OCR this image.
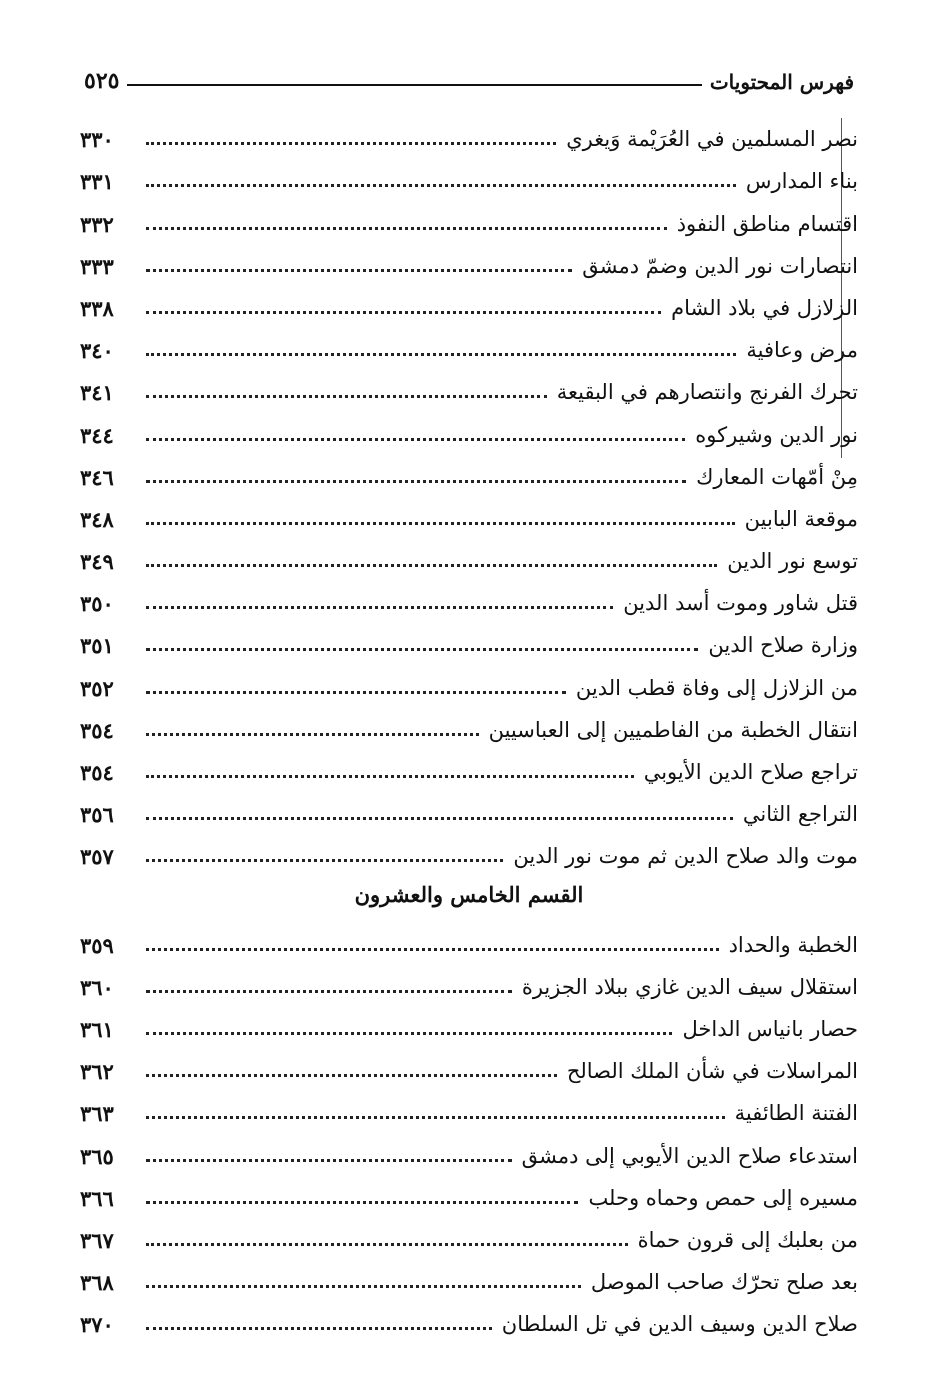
فهرس المحتويات
٥٢٥
نصر المسلمين في العُرَيْمة وَيغري
٣٣٠
بناء المدارس
٣٣١
اقتسام مناطق النفوذ
٣٣٢
انتصارات نور الدين وضمّ دمشق
٣٣٣
الزلازل في بلاد الشام
٣٣٨
مرض وعافية
٣٤٠
تحرك الفرنج وانتصارهم في البقيعة
٣٤١
نور الدين وشيركوه
٣٤٤
مِنْ أمّهات المعارك
٣٤٦
موقعة البابين
٣٤٨
توسع نور الدين
٣٤٩
قتل شاور وموت أسد الدين
٣٥٠
وزارة صلاح الدين
٣٥١
من الزلازل إلى وفاة قطب الدين
٣٥٢
انتقال الخطبة من الفاطميين إلى العباسيين
٣٥٤
تراجع صلاح الدين الأيوبي
٣٥٤
التراجع الثاني
٣٥٦
موت والد صلاح الدين ثم موت نور الدين
٣٥٧
القسم الخامس والعشرون
الخطبة والحداد
٣٥٩
استقلال سيف الدين غازي ببلاد الجزيرة
٣٦٠
حصار بانياس الداخل
٣٦١
المراسلات في شأن الملك الصالح
٣٦٢
الفتنة الطائفية
٣٦٣
استدعاء صلاح الدين الأيوبي إلى دمشق
٣٦٥
مسيره إلى حمص وحماه وحلب
٣٦٦
من بعلبك إلى قرون حماة
٣٦٧
بعد صلح تحرّك صاحب الموصل
٣٦٨
صلاح الدين وسيف الدين في تل السلطان
٣٧٠
